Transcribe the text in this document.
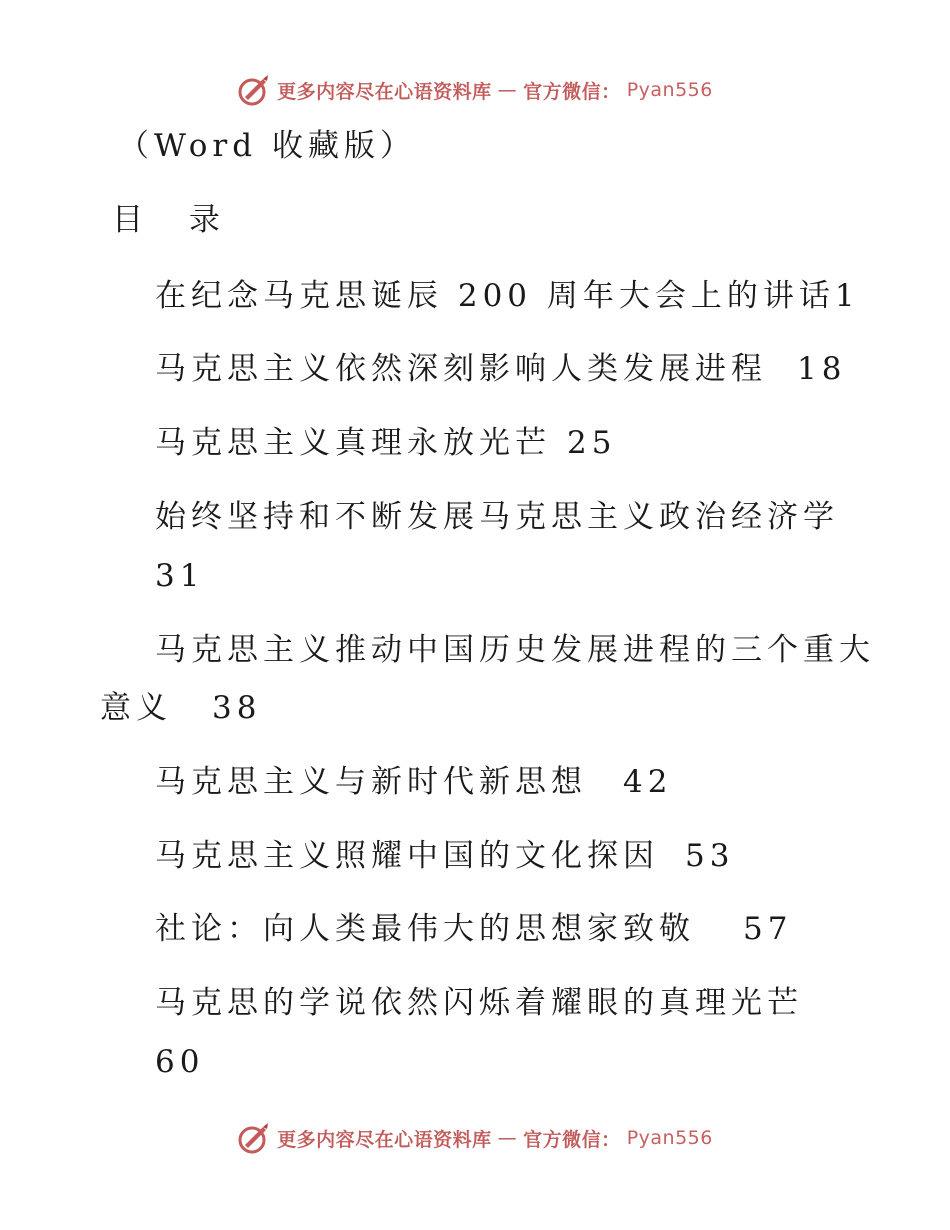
更多内容尽在心语资料库 — 官方微信： Pyan556
（Word 收藏版）
目 录
在纪念马克思诞辰 200 周年大会上的讲话1
马克思主义依然深刻影响人类发展进程 18
马克思主义真理永放光芒 25
始终坚持和不断发展马克思主义政治经济学
31
马克思主义推动中国历史发展进程的三个重大
意义 38
马克思主义与新时代新思想 42
马克思主义照耀中国的文化探因 53
社论：向人类最伟大的思想家致敬 57
马克思的学说依然闪烁着耀眼的真理光芒
60
更多内容尽在心语资料库 — 官方微信： Pyan556
